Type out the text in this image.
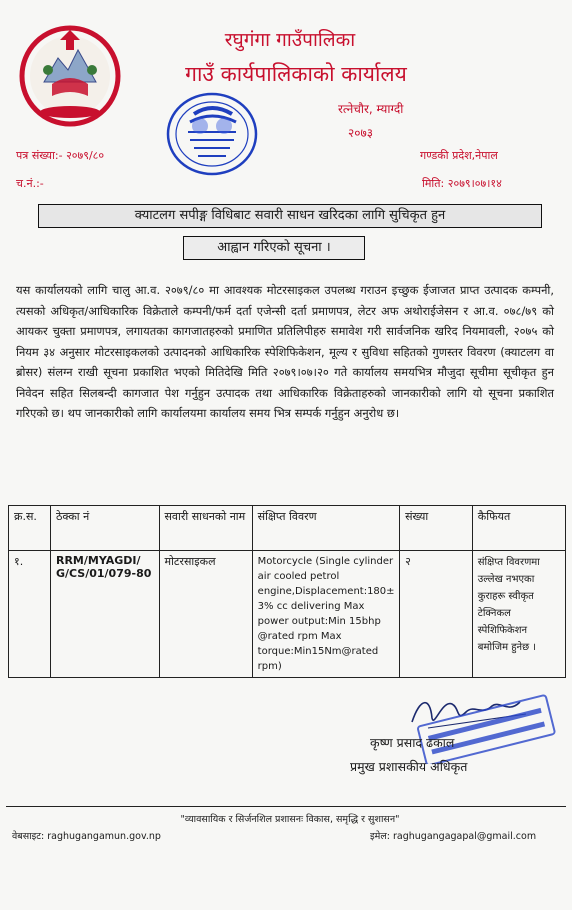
रघुगंगा गाउँपालिका
गाउँ कार्यपालिकाको कार्यालय
रत्नेचौर, म्याग्दी
२०७३
पत्र संख्या:- २०७९/८०
च.नं.:-
गण्डकी प्रदेश,नेपाल
मिति: २०७९।०७।१४
क्याटलग सपीङ्ग विधिबाट सवारी साधन खरिदका लागि सुचिकृत हुन
आह्वान गरिएको सूचना ।
यस कार्यालयको लागि चालु आ.व. २०७९/८० मा आवश्यक मोटरसाइकल उपलब्ध गराउन इच्छुक ईजाजत प्राप्त उत्पादक कम्पनी, त्यसको अधिकृत/आधिकारिक विक्रेताले कम्पनी/फर्म दर्ता एजेन्सी दर्ता प्रमाणपत्र, लेटर अफ अथोराईजेसन र आ.व. ०७८/७९ को आयकर चुक्ता प्रमाणपत्र, लगायतका कागजातहरुको प्रमाणित प्रतिलिपीहरु समावेश गरी सार्वजनिक खरिद नियमावली, २०७५ को नियम ३४ अनुसार मोटरसाइकलको उत्पादनको आधिकारिक स्पेशिफिकेशन, मूल्य र सुविधा सहितको गुणस्तर विवरण (क्याटलग वा ब्रोसर) संलग्न राखी सूचना प्रकाशित भएको मितिदेखि मिति २०७९।०७।२० गते कार्यालय समयभित्र मौजुदा सूचीमा सूचीकृत हुन निवेदन सहित सिलबन्दी कागजात पेश गर्नुहुन उत्पादक तथा आधिकारिक विक्रेताहरुको जानकारीको लागि यो सूचना प्रकाशित गरिएको छ। थप जानकारीको लागि कार्यालयमा कार्यालय समय भित्र सम्पर्क गर्नुहुन अनुरोध छ।
क्र.स.	ठेक्का नं	सवारी साधनको नाम	संक्षिप्त विवरण	संख्या	कैफियत
१.	RRM/MYAGDI/G/CS/01/079-80	मोटरसाइकल	Motorcycle (Single cylinder air cooled petrol engine,Displacement:180± 3% cc delivering Max power output:Min 15bhp @rated rpm Max torque:Min15Nm@rated rpm)	२	संक्षिप्त विवरणमा उल्लेख नभएका कुराहरू स्वीकृत टेक्निकल स्पेशिफिकेशन बमोजिम हुनेछ ।
कृष्ण प्रसाद ढकाल
प्रमुख प्रशासकीय अधिकृत
"व्यावसायिक र सिर्जनशिल प्रशासनः विकास, समृद्धि र सुशासन"
वेबसाइट: raghugangamun.gov.np	इमेल: raghugangagapal@gmail.com
